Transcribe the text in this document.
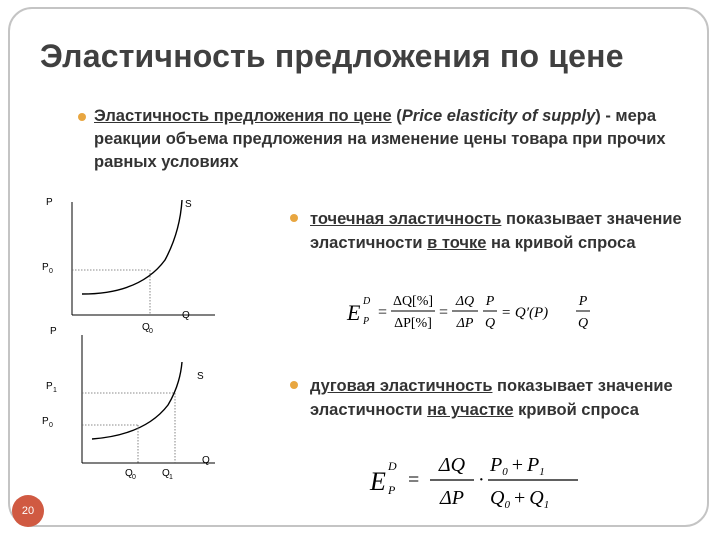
Эластичность предложения по цене
Эластичность предложения по цене (Price elasticity of supply) - мера реакции объема предложения на изменение цены товара при прочих равных условиях
P	S
P 0
Q 0
Q
P
S
P 1
P 0
Q 0	Q 1
Q
точечная эластичность показывает значение эластичности в точке на кривой спроса
E D
P
=
ΔQ[%]
ΔP[%]
=
ΔQ
ΔP
P
Q
= Q′(P)
P
Q
дуговая эластичность показывает значение эластичности на участке кривой спроса
E
D
P =
ΔQ
ΔP
·
$P_0 + P_1$
$Q_0 + Q_1$
20
